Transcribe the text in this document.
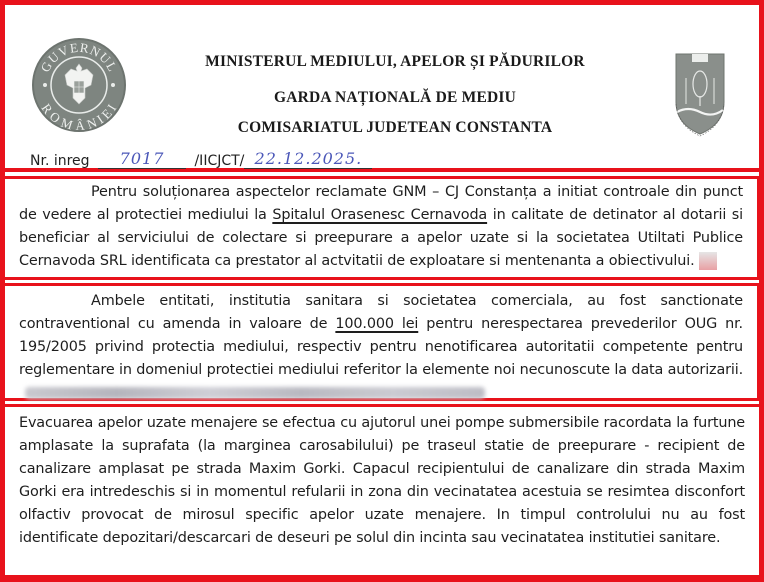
GUVERNUL
ROMÂNIEI
MINISTERUL MEDIULUI, APELOR ȘI PĂDURILOR
GARDA NAȚIONALĂ DE MEDIU
COMISARIATUL JUDETEAN CONSTANTA
Nr. inreg 7017 /IICJCT/ 22.12.2025.
Pentru soluționarea aspectelor reclamate GNM – CJ Constanța a initiat controale din punct de vedere al protectiei mediului la Spitalul Orasenesc Cernavoda in calitate de detinator al dotarii si beneficiar al serviciului de colectare si preepurare a apelor uzate si la societatea Utiltati Publice Cernavoda SRL identificata ca prestator al actvitatii de exploatare si mentenanta a obiectivului.
Ambele entitati, institutia sanitara si societatea comerciala, au fost sanctionate contraventional cu amenda in valoare de 100.000 lei pentru nerespectarea prevederilor OUG nr. 195/2005 privind protectia mediului, respectiv pentru nenotificarea autoritatii competente pentru reglementare in domeniul protectiei mediului referitor la elemente noi necunoscute la data autorizarii.
Evacuarea apelor uzate menajere se efectua cu ajutorul unei pompe submersibile racordata la furtune amplasate la suprafata (la marginea carosabilului) pe traseul statie de preepurare - recipient de canalizare amplasat pe strada Maxim Gorki. Capacul recipientului de canalizare din strada Maxim Gorki era intredeschis si in momentul refularii in zona din vecinatatea acestuia se resimtea disconfort olfactiv provocat de mirosul specific apelor uzate menajere. In timpul controlului nu au fost identificate depozitari/descarcari de deseuri pe solul din incinta sau vecinatatea institutiei sanitare.
